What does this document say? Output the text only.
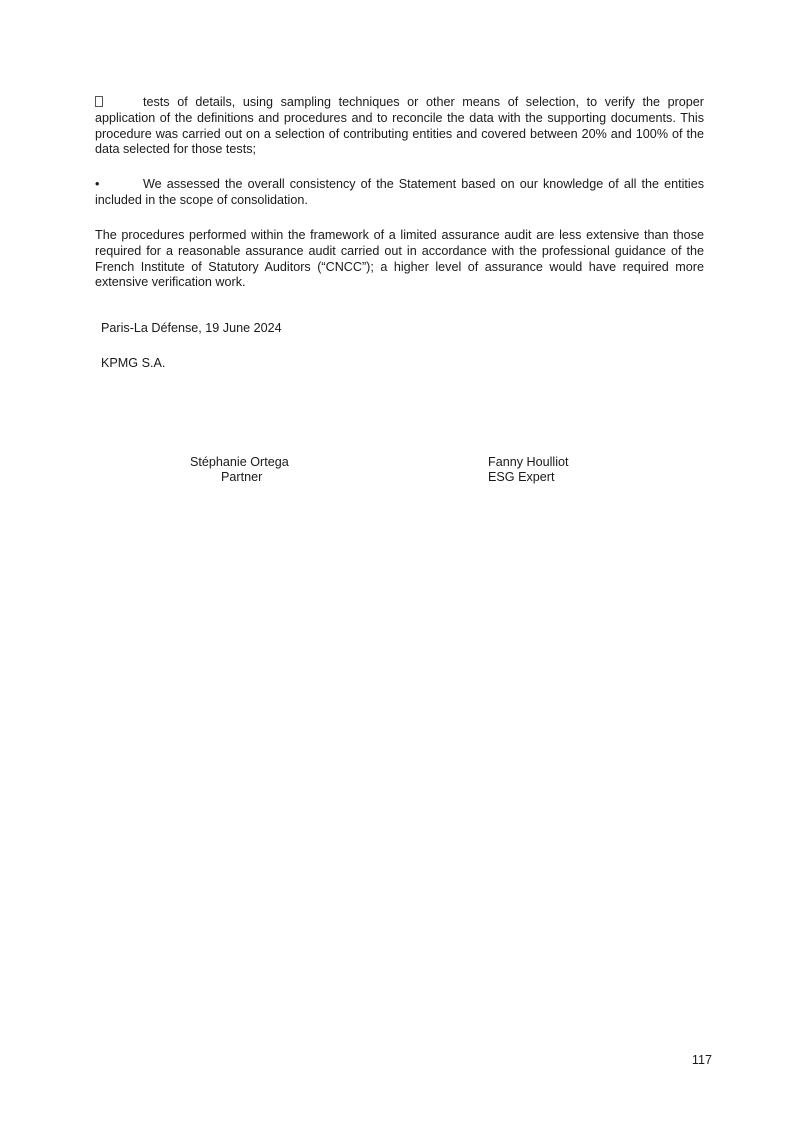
tests of details, using sampling techniques or other means of selection, to verify the proper application of the definitions and procedures and to reconcile the data with the supporting documents. This procedure was carried out on a selection of contributing entities and covered between 20% and 100% of the data selected for those tests;
•	We assessed the overall consistency of the Statement based on our knowledge of all the entities included in the scope of consolidation.
The procedures performed within the framework of a limited assurance audit are less extensive than those required for a reasonable assurance audit carried out in accordance with the professional guidance of the French Institute of Statutory Auditors (“CNCC”); a higher level of assurance would have required more extensive verification work.
Paris-La Défense, 19 June 2024
KPMG S.A.
Stéphanie Ortega
Partner
Fanny Houlliot
ESG Expert
117
